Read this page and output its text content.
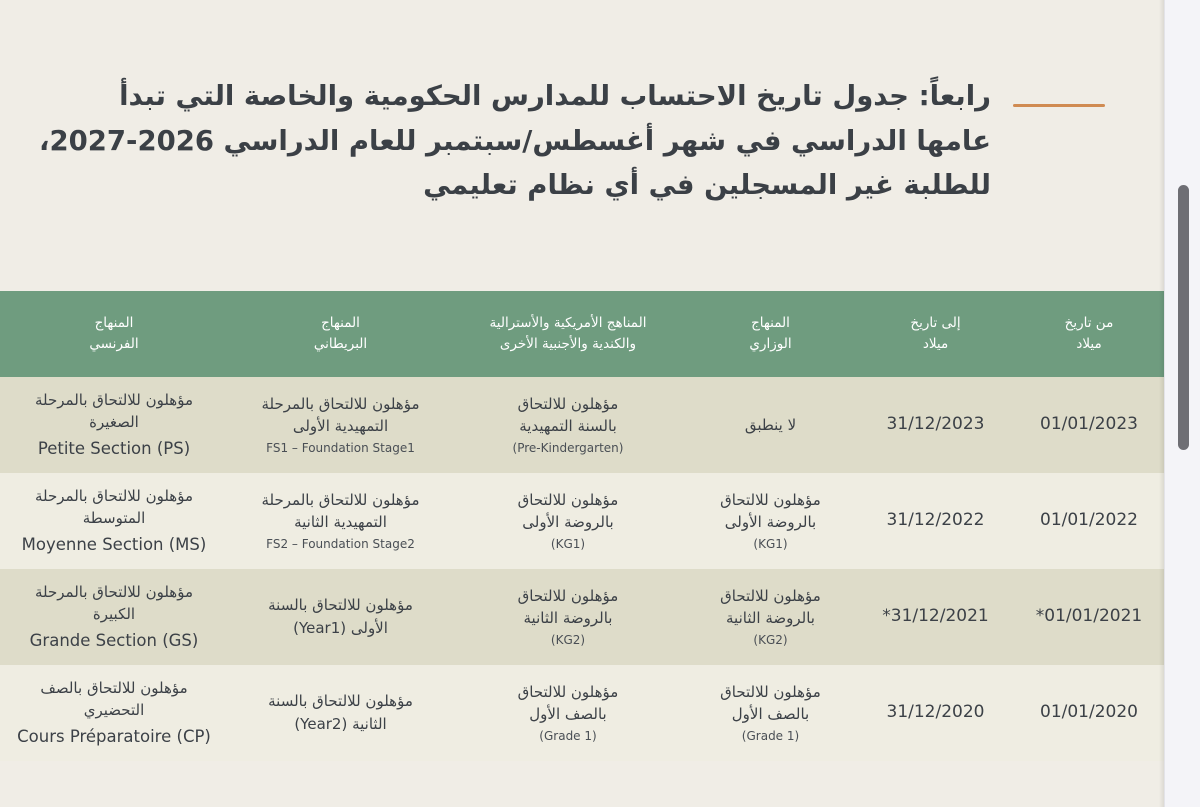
رابعاً: جدول تاريخ الاحتساب للمدارس الحكومية والخاصة التي تبدأ
عامها الدراسي في شهر أغسطس/سبتمبر للعام الدراسي 2026-2027،
للطلبة غير المسجلين في أي نظام تعليمي
من تاريخ
ميلاد
إلى تاريخ
ميلاد
المنهاج
الوزاري
المناهج الأمريكية والأسترالية
والكندية والأجنبية الأخرى
المنهاج
البريطاني
المنهاج
الفرنسي
01/01/2023
31/12/2023
لا ينطبق
مؤهلون للالتحاق
بالسنة التمهيدية
(Pre-Kindergarten)
مؤهلون للالتحاق بالمرحلة
التمهيدية الأولى
FS1 – Foundation Stage1
مؤهلون للالتحاق بالمرحلة
الصغيرة
Petite Section (PS)
01/01/2022
31/12/2022
مؤهلون للالتحاق
بالروضة الأولى
(KG1)
مؤهلون للالتحاق
بالروضة الأولى
(KG1)
مؤهلون للالتحاق بالمرحلة
التمهيدية الثانية
FS2 – Foundation Stage2
مؤهلون للالتحاق بالمرحلة
المتوسطة
Moyenne Section (MS)
*01/01/2021
*31/12/2021
مؤهلون للالتحاق
بالروضة الثانية
(KG2)
مؤهلون للالتحاق
بالروضة الثانية
(KG2)
مؤهلون للالتحاق بالسنة
الأولى (Year1)
مؤهلون للالتحاق بالمرحلة
الكبيرة
Grande Section (GS)
01/01/2020
31/12/2020
مؤهلون للالتحاق
بالصف الأول
(Grade 1)
مؤهلون للالتحاق
بالصف الأول
(Grade 1)
مؤهلون للالتحاق بالسنة
الثانية (Year2)
مؤهلون للالتحاق بالصف
التحضيري
Cours Préparatoire (CP)
